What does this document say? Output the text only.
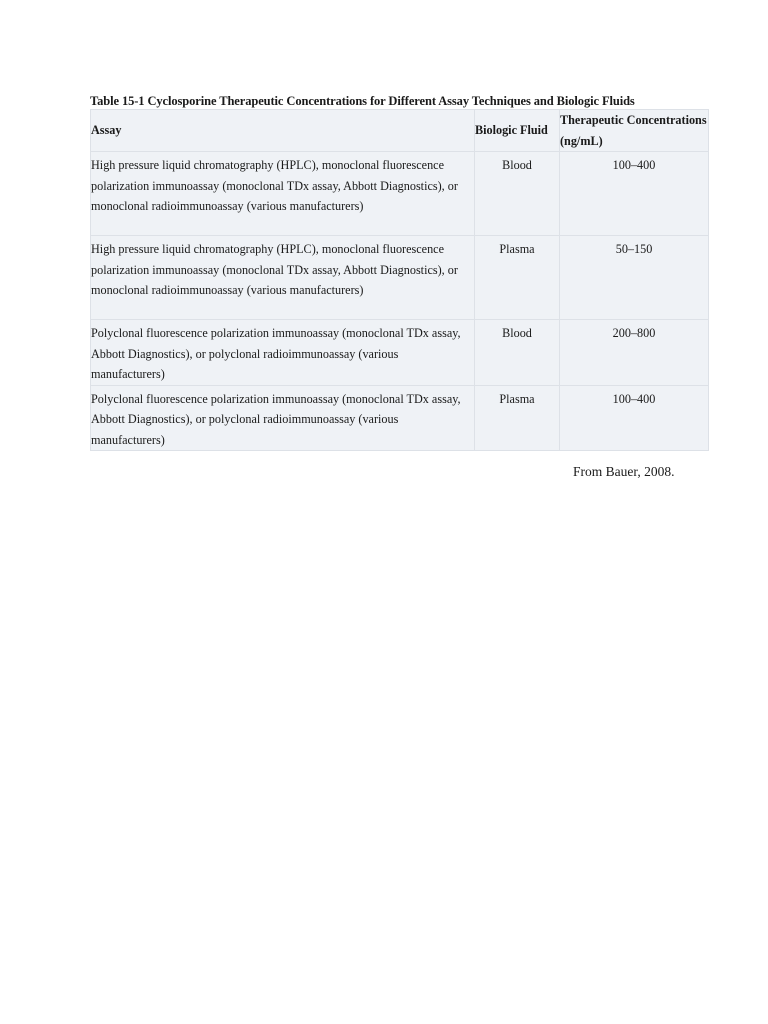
Table 15-1 Cyclosporine Therapeutic Concentrations for Different Assay Techniques and Biologic Fluids

Assay	Biologic Fluid	Therapeutic Concentrations (ng/mL)
High pressure liquid chromatography (HPLC), monoclonal fluorescence polarization immunoassay (monoclonal TDx assay, Abbott Diagnostics), or monoclonal radioimmunoassay (various manufacturers)	Blood	100–400
High pressure liquid chromatography (HPLC), monoclonal fluorescence polarization immunoassay (monoclonal TDx assay, Abbott Diagnostics), or monoclonal radioimmunoassay (various manufacturers)	Plasma	50–150
Polyclonal fluorescence polarization immunoassay (monoclonal TDx assay, Abbott Diagnostics), or polyclonal radioimmunoassay (various manufacturers)	Blood	200–800
Polyclonal fluorescence polarization immunoassay (monoclonal TDx assay, Abbott Diagnostics), or polyclonal radioimmunoassay (various manufacturers)	Plasma	100–400
From Bauer, 2008.
